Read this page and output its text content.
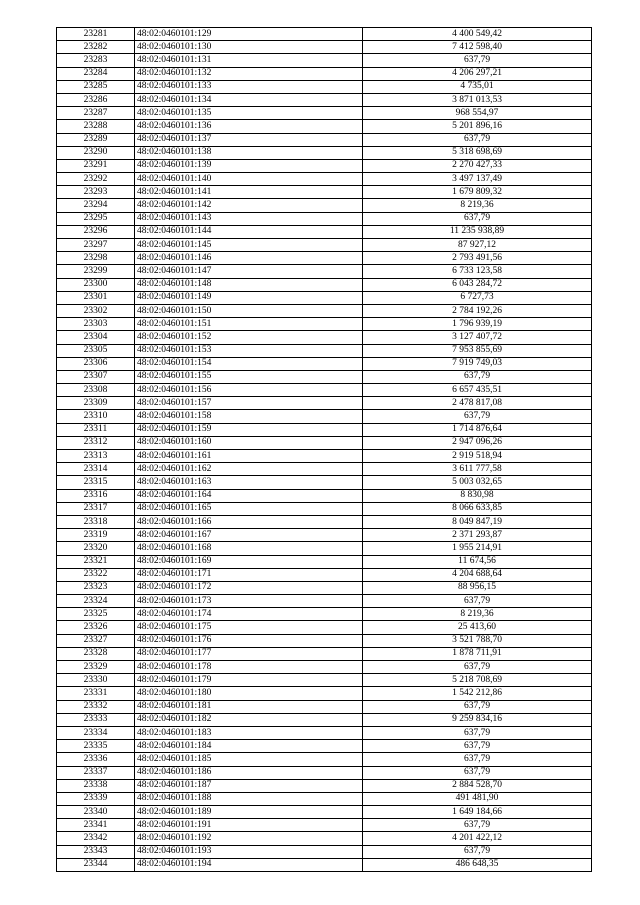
23281	48:02:0460101:129	4 400 549,42
23282	48:02:0460101:130	7 412 598,40
23283	48:02:0460101:131	637,79
23284	48:02:0460101:132	4 206 297,21
23285	48:02:0460101:133	4 735,01
23286	48:02:0460101:134	3 871 013,53
23287	48:02:0460101:135	968 554,97
23288	48:02:0460101:136	5 201 896,16
23289	48:02:0460101:137	637,79
23290	48:02:0460101:138	5 318 698,69
23291	48:02:0460101:139	2 270 427,33
23292	48:02:0460101:140	3 497 137,49
23293	48:02:0460101:141	1 679 809,32
23294	48:02:0460101:142	8 219,36
23295	48:02:0460101:143	637,79
23296	48:02:0460101:144	11 235 938,89
23297	48:02:0460101:145	87 927,12
23298	48:02:0460101:146	2 793 491,56
23299	48:02:0460101:147	6 733 123,58
23300	48:02:0460101:148	6 043 284,72
23301	48:02:0460101:149	6 727,73
23302	48:02:0460101:150	2 784 192,26
23303	48:02:0460101:151	1 796 939,19
23304	48:02:0460101:152	3 127 407,72
23305	48:02:0460101:153	7 953 855,69
23306	48:02:0460101:154	7 919 749,03
23307	48:02:0460101:155	637,79
23308	48:02:0460101:156	6 657 435,51
23309	48:02:0460101:157	2 478 817,08
23310	48:02:0460101:158	637,79
23311	48:02:0460101:159	1 714 876,64
23312	48:02:0460101:160	2 947 096,26
23313	48:02:0460101:161	2 919 518,94
23314	48:02:0460101:162	3 611 777,58
23315	48:02:0460101:163	5 003 032,65
23316	48:02:0460101:164	8 830,98
23317	48:02:0460101:165	8 066 633,85
23318	48:02:0460101:166	8 049 847,19
23319	48:02:0460101:167	2 371 293,87
23320	48:02:0460101:168	1 955 214,91
23321	48:02:0460101:169	11 674,56
23322	48:02:0460101:171	4 204 688,64
23323	48:02:0460101:172	88 956,15
23324	48:02:0460101:173	637,79
23325	48:02:0460101:174	8 219,36
23326	48:02:0460101:175	25 413,60
23327	48:02:0460101:176	3 521 788,70
23328	48:02:0460101:177	1 878 711,91
23329	48:02:0460101:178	637,79
23330	48:02:0460101:179	5 218 708,69
23331	48:02:0460101:180	1 542 212,86
23332	48:02:0460101:181	637,79
23333	48:02:0460101:182	9 259 834,16
23334	48:02:0460101:183	637,79
23335	48:02:0460101:184	637,79
23336	48:02:0460101:185	637,79
23337	48:02:0460101:186	637,79
23338	48:02:0460101:187	2 884 528,70
23339	48:02:0460101:188	491 481,90
23340	48:02:0460101:189	1 649 184,66
23341	48:02:0460101:191	637,79
23342	48:02:0460101:192	4 201 422,12
23343	48:02:0460101:193	637,79
23344	48:02:0460101:194	486 648,35
